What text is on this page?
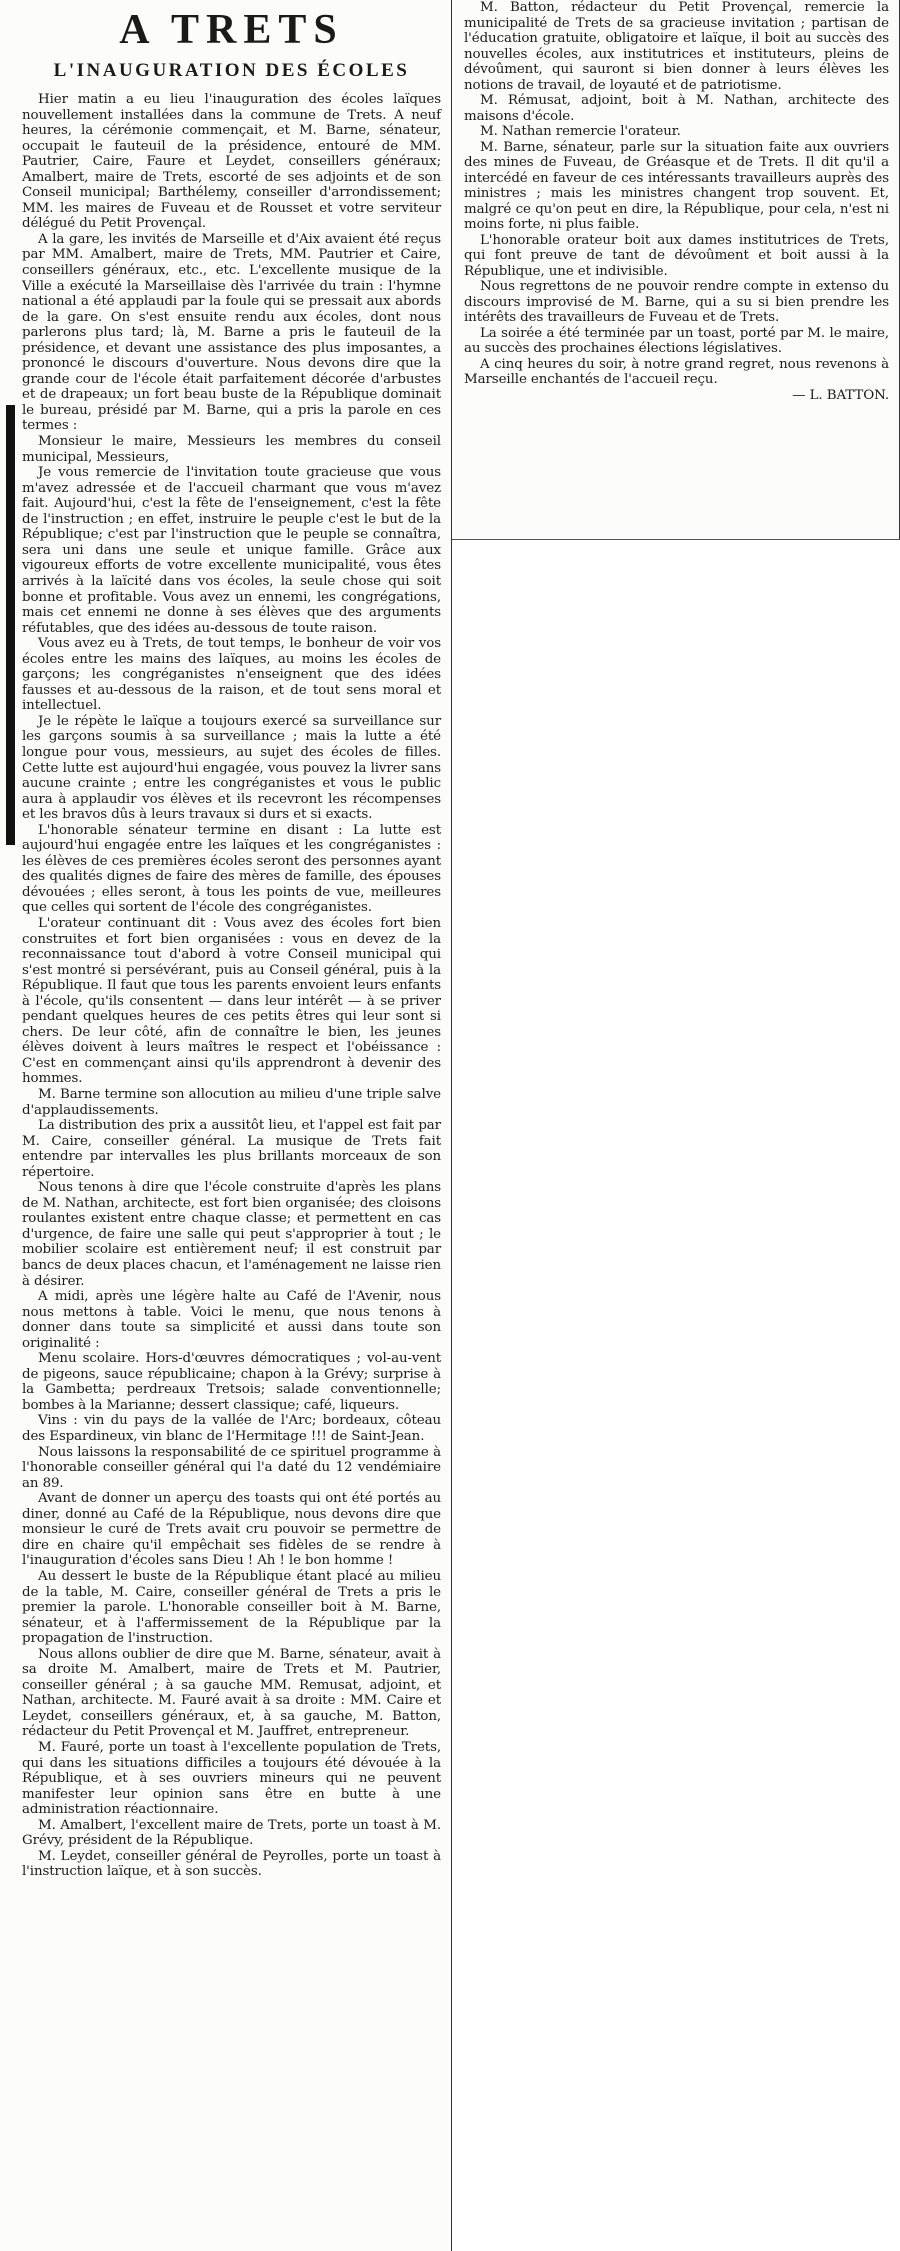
A TRETS
L'INAUGURATION DES ÉCOLES

Hier matin a eu lieu l'inauguration des écoles laïques nouvellement installées dans la commune de Trets. A neuf heures, la cérémonie commençait, et M. Barne, sénateur, occupait le fauteuil de la présidence, entouré de MM. Pautrier, Caire, Faure et Leydet, conseillers généraux; Amalbert, maire de Trets, escorté de ses adjoints et de son Conseil municipal; Barthélemy, conseiller d'arrondissement; MM. les maires de Fuveau et de Rousset et votre serviteur délégué du Petit Provençal.

A la gare, les invités de Marseille et d'Aix avaient été reçus par MM. Amalbert, maire de Trets, MM. Pautrier et Caire, conseillers généraux, etc., etc. L'excellente musique de la Ville a exécuté la Marseillaise dès l'arrivée du train : l'hymne national a été applaudi par la foule qui se pressait aux abords de la gare. On s'est ensuite rendu aux écoles, dont nous parlerons plus tard; là, M. Barne a pris le fauteuil de la présidence, et devant une assistance des plus imposantes, a prononcé le discours d'ouverture. Nous devons dire que la grande cour de l'école était parfaitement décorée d'arbustes et de drapeaux; un fort beau buste de la République dominait le bureau, présidé par M. Barne, qui a pris la parole en ces termes :

Monsieur le maire, Messieurs les membres du conseil municipal, Messieurs,

Je vous remercie de l'invitation toute gracieuse que vous m'avez adressée et de l'accueil charmant que vous m'avez fait. Aujourd'hui, c'est la fête de l'enseignement, c'est la fête de l'instruction ; en effet, instruire le peuple c'est le but de la République; c'est par l'instruction que le peuple se connaîtra, sera uni dans une seule et unique famille. Grâce aux vigoureux efforts de votre excellente municipalité, vous êtes arrivés à la laïcité dans vos écoles, la seule chose qui soit bonne et profitable. Vous avez un ennemi, les congrégations, mais cet ennemi ne donne à ses élèves que des arguments réfutables, que des idées au-dessous de toute raison.

Vous avez eu à Trets, de tout temps, le bonheur de voir vos écoles entre les mains des laïques, au moins les écoles de garçons; les congréganistes n'enseignent que des idées fausses et au-dessous de la raison, et de tout sens moral et intellectuel.

Je le répète le laïque a toujours exercé sa surveillance sur les garçons soumis à sa surveillance ; mais la lutte a été longue pour vous, messieurs, au sujet des écoles de filles. Cette lutte est aujourd'hui engagée, vous pouvez la livrer sans aucune crainte ; entre les congréganistes et vous le public aura à applaudir vos élèves et ils recevront les récompenses et les bravos dûs à leurs travaux si durs et si exacts.

L'honorable sénateur termine en disant : La lutte est aujourd'hui engagée entre les laïques et les congréganistes : les élèves de ces premières écoles seront des personnes ayant des qualités dignes de faire des mères de famille, des épouses dévouées ; elles seront, à tous les points de vue, meilleures que celles qui sortent de l'école des congréganistes.

L'orateur continuant dit : Vous avez des écoles fort bien construites et fort bien organisées : vous en devez de la reconnaissance tout d'abord à votre Conseil municipal qui s'est montré si persévérant, puis au Conseil général, puis à la République. Il faut que tous les parents envoient leurs enfants à l'école, qu'ils consentent — dans leur intérêt — à se priver pendant quelques heures de ces petits êtres qui leur sont si chers. De leur côté, afin de connaître le bien, les jeunes élèves doivent à leurs maîtres le respect et l'obéissance : C'est en commençant ainsi qu'ils apprendront à devenir des hommes.

M. Barne termine son allocution au milieu d'une triple salve d'applaudissements.

La distribution des prix a aussitôt lieu, et l'appel est fait par M. Caire, conseiller général. La musique de Trets fait entendre par intervalles les plus brillants morceaux de son répertoire.

Nous tenons à dire que l'école construite d'après les plans de M. Nathan, architecte, est fort bien organisée; des cloisons roulantes existent entre chaque classe; et permettent en cas d'urgence, de faire une salle qui peut s'approprier à tout ; le mobilier scolaire est entièrement neuf; il est construit par bancs de deux places chacun, et l'aménagement ne laisse rien à désirer.

A midi, après une légère halte au Café de l'Avenir, nous nous mettons à table. Voici le menu, que nous tenons à donner dans toute sa simplicité et aussi dans toute son originalité :

Menu scolaire. Hors-d'œuvres démocratiques ; vol-au-vent de pigeons, sauce républicaine; chapon à la Grévy; surprise à la Gambetta; perdreaux Tretsois; salade conventionnelle; bombes à la Marianne; dessert classique; café, liqueurs.

Vins : vin du pays de la vallée de l'Arc; bordeaux, côteau des Espardineux, vin blanc de l'Hermitage !!! de Saint-Jean.

Nous laissons la responsabilité de ce spirituel programme à l'honorable conseiller général qui l'a daté du 12 vendémiaire an 89.

Avant de donner un aperçu des toasts qui ont été portés au diner, donné au Café de la République, nous devons dire que monsieur le curé de Trets avait cru pouvoir se permettre de dire en chaire qu'il empêchait ses fidèles de se rendre à l'inauguration d'écoles sans Dieu ! Ah ! le bon homme !

Au dessert le buste de la République étant placé au milieu de la table, M. Caire, conseiller général de Trets a pris le premier la parole. L'honorable conseiller boit à M. Barne, sénateur, et à l'affermissement de la République par la propagation de l'instruction.

Nous allons oublier de dire que M. Barne, sénateur, avait à sa droite M. Amalbert, maire de Trets et M. Pautrier, conseiller général ; à sa gauche MM. Remusat, adjoint, et Nathan, architecte. M. Fauré avait à sa droite : MM. Caire et Leydet, conseillers généraux, et, à sa gauche, M. Batton, rédacteur du Petit Provençal et M. Jauffret, entrepreneur.

M. Fauré, porte un toast à l'excellente population de Trets, qui dans les situations difficiles a toujours été dévouée à la République, et à ses ouvriers mineurs qui ne peuvent manifester leur opinion sans être en butte à une administration réactionnaire.

M. Amalbert, l'excellent maire de Trets, porte un toast à M. Grévy, président de la République.

M. Leydet, conseiller général de Peyrolles, porte un toast à l'instruction laïque, et à son succès.

M. Batton, rédacteur du Petit Provençal, remercie la municipalité de Trets de sa gracieuse invitation ; partisan de l'éducation gratuite, obligatoire et laïque, il boit au succès des nouvelles écoles, aux institutrices et instituteurs, pleins de dévoûment, qui sauront si bien donner à leurs élèves les notions de travail, de loyauté et de patriotisme.

M. Rémusat, adjoint, boit à M. Nathan, architecte des maisons d'école.

M. Nathan remercie l'orateur.

M. Barne, sénateur, parle sur la situation faite aux ouvriers des mines de Fuveau, de Gréasque et de Trets. Il dit qu'il a intercédé en faveur de ces intéressants travailleurs auprès des ministres ; mais les ministres changent trop souvent. Et, malgré ce qu'on peut en dire, la République, pour cela, n'est ni moins forte, ni plus faible.

L'honorable orateur boit aux dames institutrices de Trets, qui font preuve de tant de dévoûment et boit aussi à la République, une et indivisible.

Nous regrettons de ne pouvoir rendre compte in extenso du discours improvisé de M. Barne, qui a su si bien prendre les intérêts des travailleurs de Fuveau et de Trets.

La soirée a été terminée par un toast, porté par M. le maire, au succès des prochaines élections législatives.

A cinq heures du soir, à notre grand regret, nous revenons à Marseille enchantés de l'accueil reçu.

— L. BATTON.
